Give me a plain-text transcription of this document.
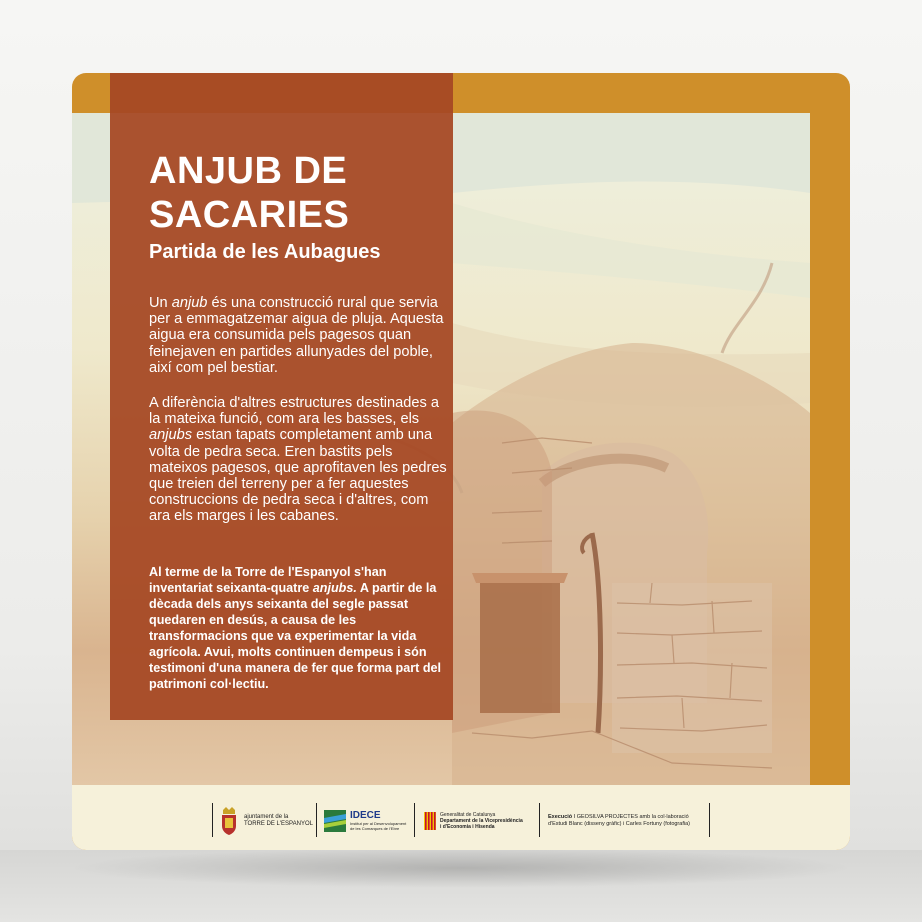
ANJUB DE SACARIES
Partida de les Aubagues

Un anjub és una construcció rural que servia per a emmagatzemar aigua de pluja. Aquesta aigua era consumida pels pagesos quan feinejaven en partides allunyades del poble, així com pel bestiar.

A diferència d'altres estructures destinades a la mateixa funció, com ara les basses, els anjubs estan tapats completament amb una volta de pedra seca. Eren bastits pels mateixos pagesos, que aprofitaven les pedres que treien del terreny per a fer aquestes construccions de pedra seca i d'altres, com ara els marges i les cabanes.

Al terme de la Torre de l'Espanyol s'han inventariat seixanta-quatre anjubs. A partir de la dècada dels anys seixanta del segle passat quedaren en desús, a causa de les transformacions que va experimentar la vida agrícola. Avui, molts continuen dempeus i són testimoni d'una manera de fer que forma part del patrimoni col·lectiu.

ajuntament de la
TORRE DE L'ESPANYOL
IDECE
Institut per al Desenvolupament
de les Comarques de l'Ebre
Generalitat de Catalunya
Departament de la Vicepresidència
i d'Economia i Hisenda
Execució I GEOSILVA PROJECTES amb la col·laboració
d'Estudi Blanc (disseny gràfic) i Carles Fortuny (fotografia)
